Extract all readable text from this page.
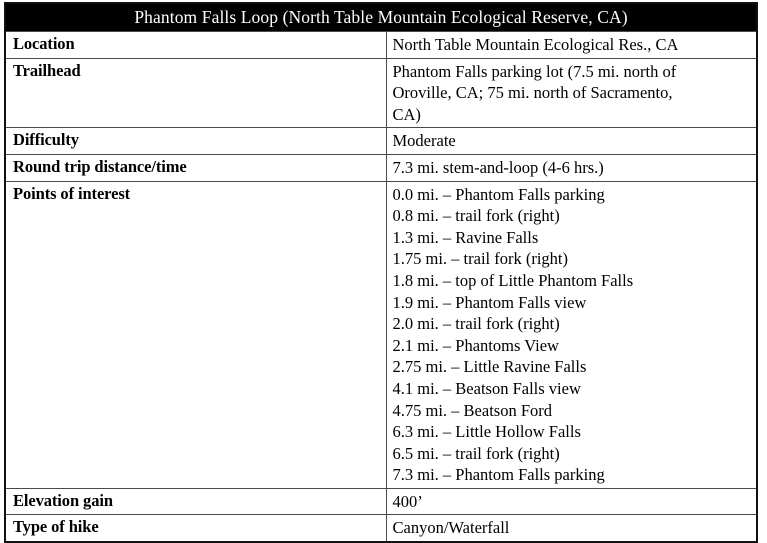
Phantom Falls Loop (North Table Mountain Ecological Reserve, CA)	
Location	North Table Mountain Ecological Res., CA

Trailhead	Phantom Falls parking lot (7.5 mi. north of
Oroville, CA; 75 mi. north of Sacramento,
CA)

Difficulty	Moderate

Round trip distance/time	7.3 mi. stem-and-loop (4-6 hrs.)

Points of interest	0.0 mi. – Phantom Falls parking
0.8 mi. – trail fork (right)
1.3 mi. – Ravine Falls
1.75 mi. – trail fork (right)
1.8 mi. – top of Little Phantom Falls
1.9 mi. – Phantom Falls view
2.0 mi. – trail fork (right)
2.1 mi. – Phantoms View
2.75 mi. – Little Ravine Falls
4.1 mi. – Beatson Falls view
4.75 mi. – Beatson Ford
6.3 mi. – Little Hollow Falls
6.5 mi. – trail fork (right)
7.3 mi. – Phantom Falls parking

Elevation gain	400’

Type of hike	Canyon/Waterfall
